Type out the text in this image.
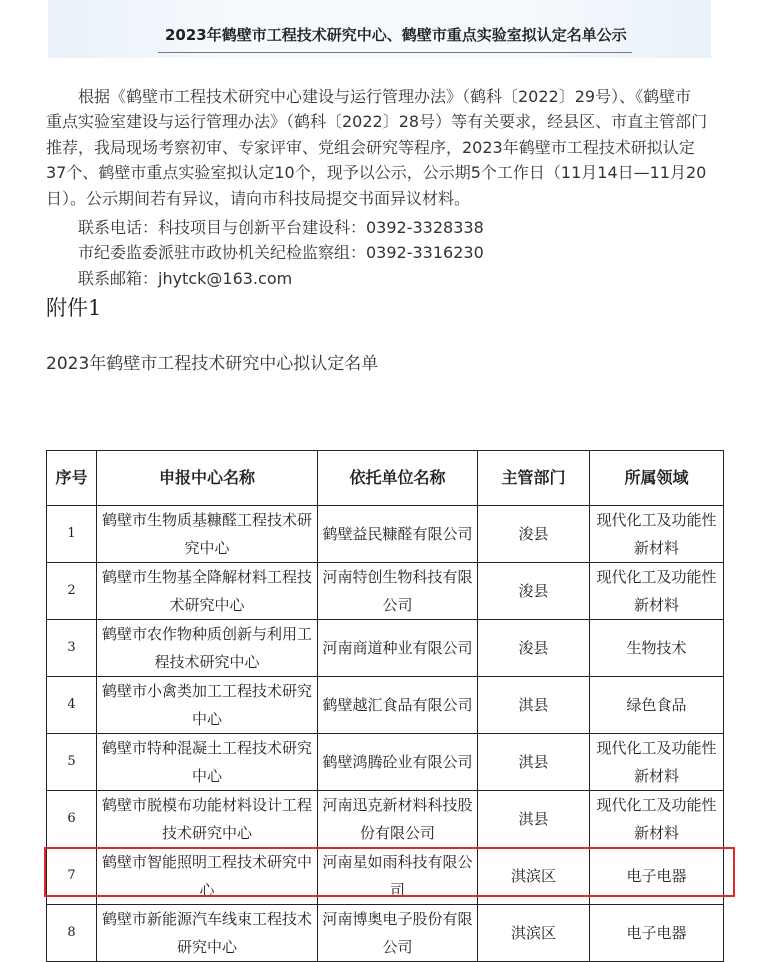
2023年鹤壁市工程技术研究中心、鹤壁市重点实验室拟认定名单公示

　　根据《鹤壁市工程技术研究中心建设与运行管理办法》（鹤科〔2022〕29号）、《鹤壁市
重点实验室建设与运行管理办法》（鹤科〔2022〕28号）等有关要求，经县区、市直主管部门
推荐，我局现场考察初审、专家评审、党组会研究等程序，2023年鹤壁市工程技术研拟认定
37个、鹤壁市重点实验室拟认定10个，现予以公示，公示期5个工作日（11月14日—11月20
日）。公示期间若有异议，请向市科技局提交书面异议材料。

联系电话：科技项目与创新平台建设科：0392-3328338
市纪委监委派驻市政协机关纪检监察组：0392-3316230
联系邮箱：jhytck@163.com
附件1
2023年鹤壁市工程技术研究中心拟认定名单
序号	申报中心名称	依托单位名称	主管部门	所属领域

1	鹤壁市生物质基糠醛工程技术研究中心	鹤壁益民糠醛有限公司	浚县	现代化工及功能性新材料

2	鹤壁市生物基全降解材料工程技术研究中心	河南特创生物科技有限公司	浚县	现代化工及功能性新材料

3	鹤壁市农作物种质创新与利用工程技术研究中心	河南商道种业有限公司	浚县	生物技术

4	鹤壁市小禽类加工工程技术研究中心	鹤壁越汇食品有限公司	淇县	绿色食品

5	鹤壁市特种混凝土工程技术研究中心	鹤壁鸿腾砼业有限公司	淇县	现代化工及功能性新材料

6	鹤壁市脱模布功能材料设计工程技术研究中心	河南迅克新材料科技股份有限公司	淇县	现代化工及功能性新材料

7	鹤壁市智能照明工程技术研究中心	河南星如雨科技有限公司	淇滨区	电子电器

8	鹤壁市新能源汽车线束工程技术研究中心	河南博奥电子股份有限公司	淇滨区	电子电器
